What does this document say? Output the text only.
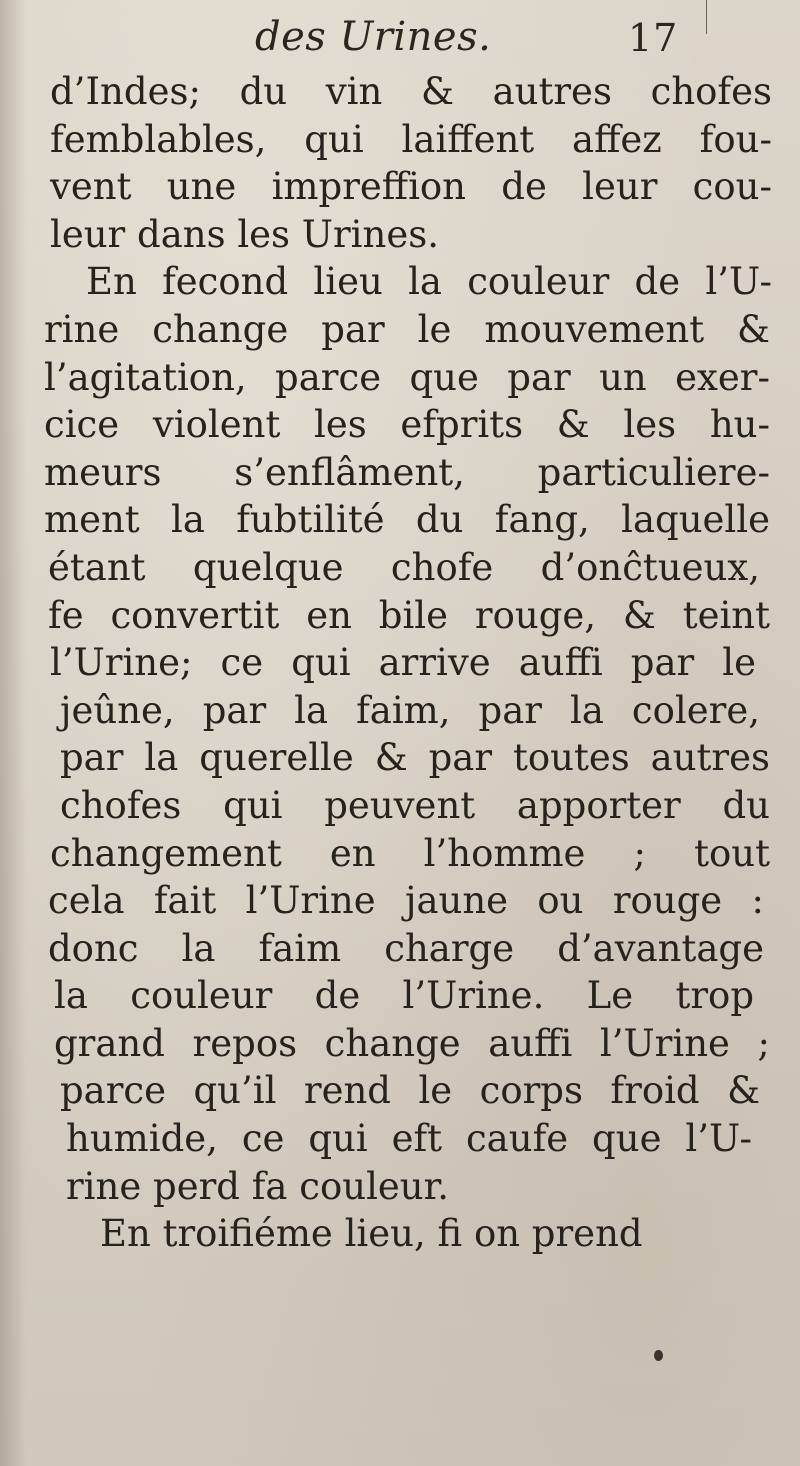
des Urines.	17
d’Indes; du vin & autres chofes
femblables, qui laiffent affez fou-
vent une impreffion de leur cou-
leur dans les Urines.
En fecond lieu la couleur de l’U-
rine change par le mouvement &
l’agitation, parce que par un exer-
cice violent les efprits & les hu-
meurs s’enflâment, particuliere-
ment la fubtilité du fang, laquelle
étant quelque chofe d’onĉtueux,
fe convertit en bile rouge, & teint
l’Urine; ce qui arrive auffi par le
jeûne, par la faim, par la colere,
par la querelle & par toutes autres
chofes qui peuvent apporter du
changement en l’homme ; tout
cela fait l’Urine jaune ou rouge :
donc la faim charge d’avantage
la couleur de l’Urine. Le trop
grand repos change auffi l’Urine ;
parce qu’il rend le corps froid &
humide, ce qui eft caufe que l’U-
rine perd fa couleur.
En troifiéme lieu, fi on prend
